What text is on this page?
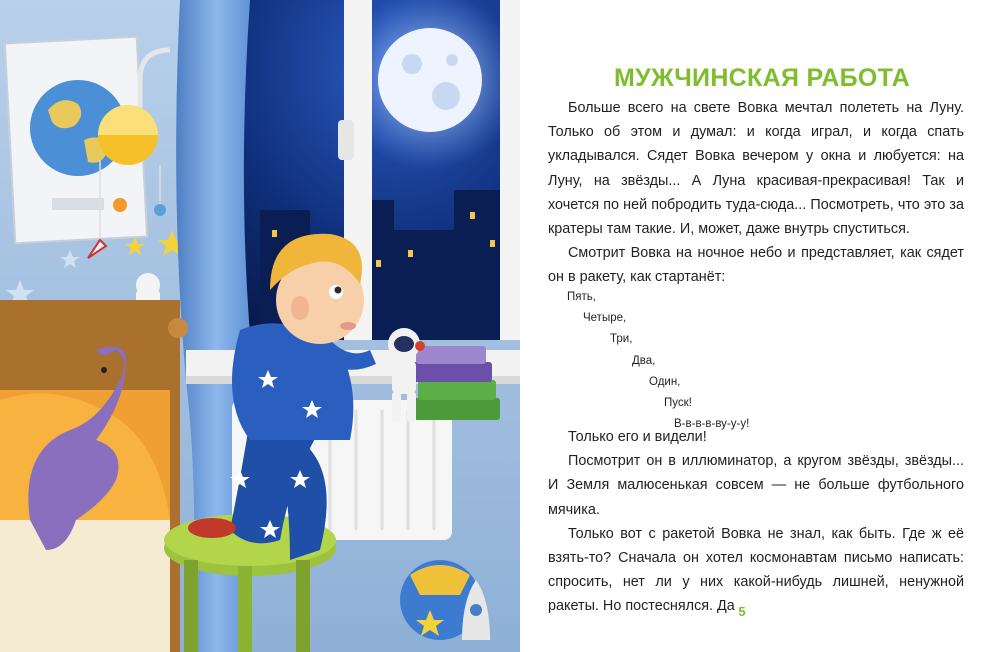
МУЖЧИНСКАЯ РАБОТА

Больше всего на свете Вовка мечтал полететь на Луну. Только об этом и думал: и когда играл, и когда спать укладывался. Сядет Вовка вечером у окна и любуется: на Луну, на звёзды... А Луна красивая-прекрасивая! Так и хочется по ней побродить туда-сюда... Посмотреть, что это за кратеры там такие. И, может, даже внутрь спуститься.

Смотрит Вовка на ночное небо и представляет, как сядет он в ракету, как стартанёт:

Пять,
Четыре,
Три,
Два,
Один,
Пуск!
В-в-в-в-ву-у-у!

Только его и видели!

Посмотрит он в иллюминатор, а кругом звёзды, звёзды... И Земля малюсенькая совсем — не больше футбольного мячика.

Только вот с ракетой Вовка не знал, как быть. Где ж её взять-то? Сначала он хотел космонавтам письмо написать: спросить, нет ли у них какой-нибудь лишней, ненужной ракеты. Но постеснялся. Да 5
